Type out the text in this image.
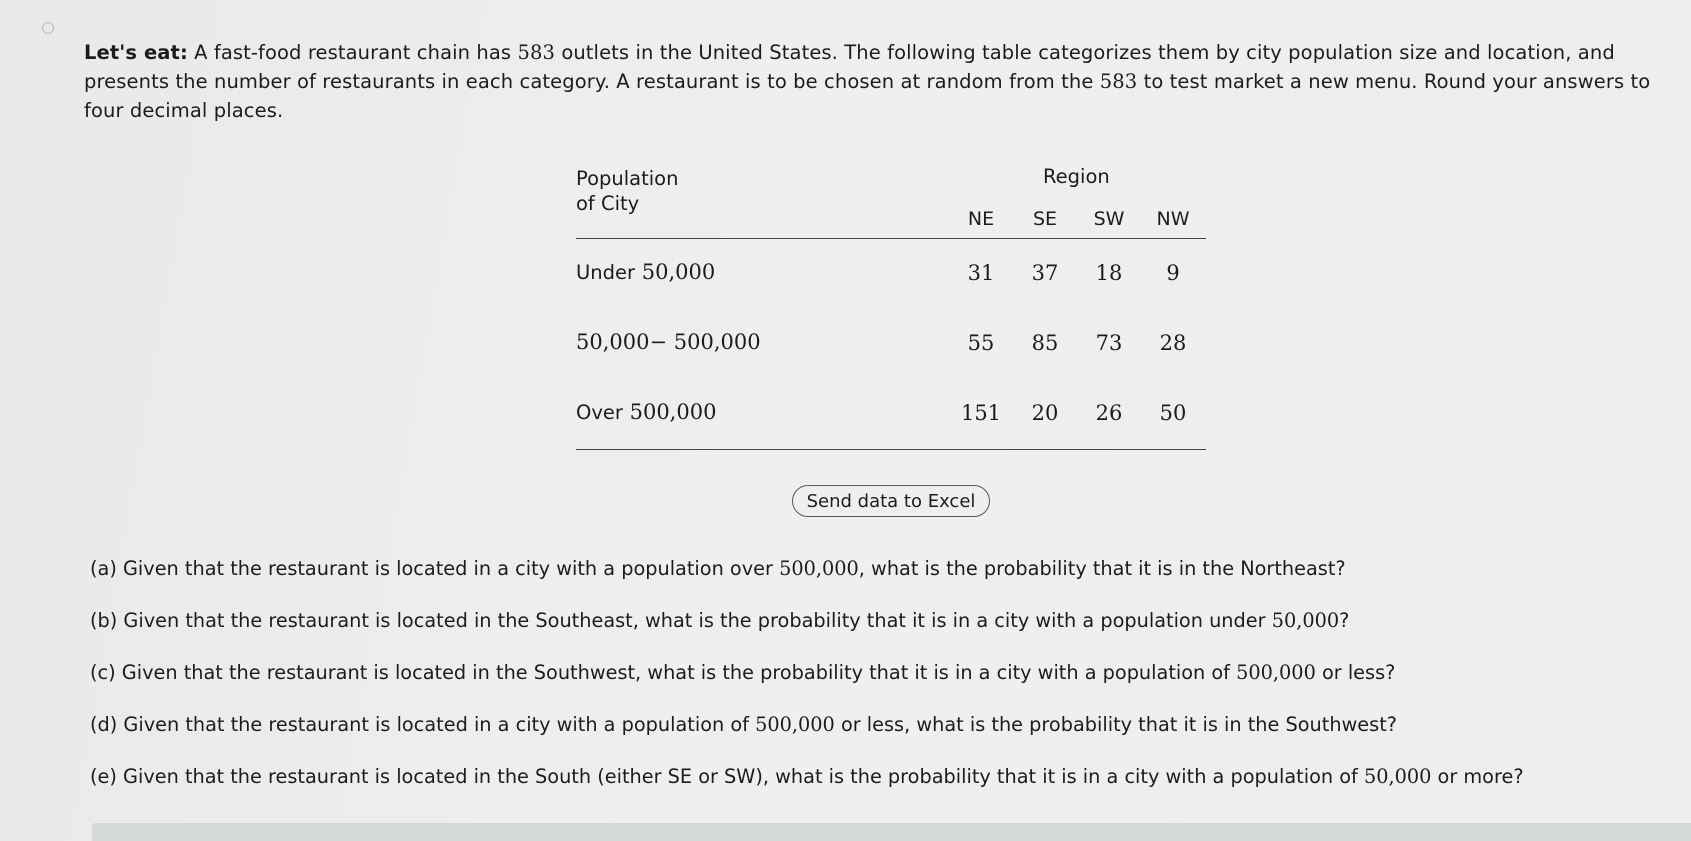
Let's eat: A fast-food restaurant chain has 583 outlets in the United States. The following table categorizes them by city population size and location, and presents the number of restaurants in each category. A restaurant is to be chosen at random from the 583 to test market a new menu. Round your answers to four decimal places.
Population
of City
Region
NE	SE	SW	NW
Under 50,000	31	37	18	9
50,000− 500,000	55	85	73	28
Over 500,000	151	20	26	50
Send data to Excel
(a) Given that the restaurant is located in a city with a population over 500,000, what is the probability that it is in the Northeast?
(b) Given that the restaurant is located in the Southeast, what is the probability that it is in a city with a population under 50,000?
(c) Given that the restaurant is located in the Southwest, what is the probability that it is in a city with a population of 500,000 or less?
(d) Given that the restaurant is located in a city with a population of 500,000 or less, what is the probability that it is in the Southwest?
(e) Given that the restaurant is located in the South (either SE or SW), what is the probability that it is in a city with a population of 50,000 or more?
